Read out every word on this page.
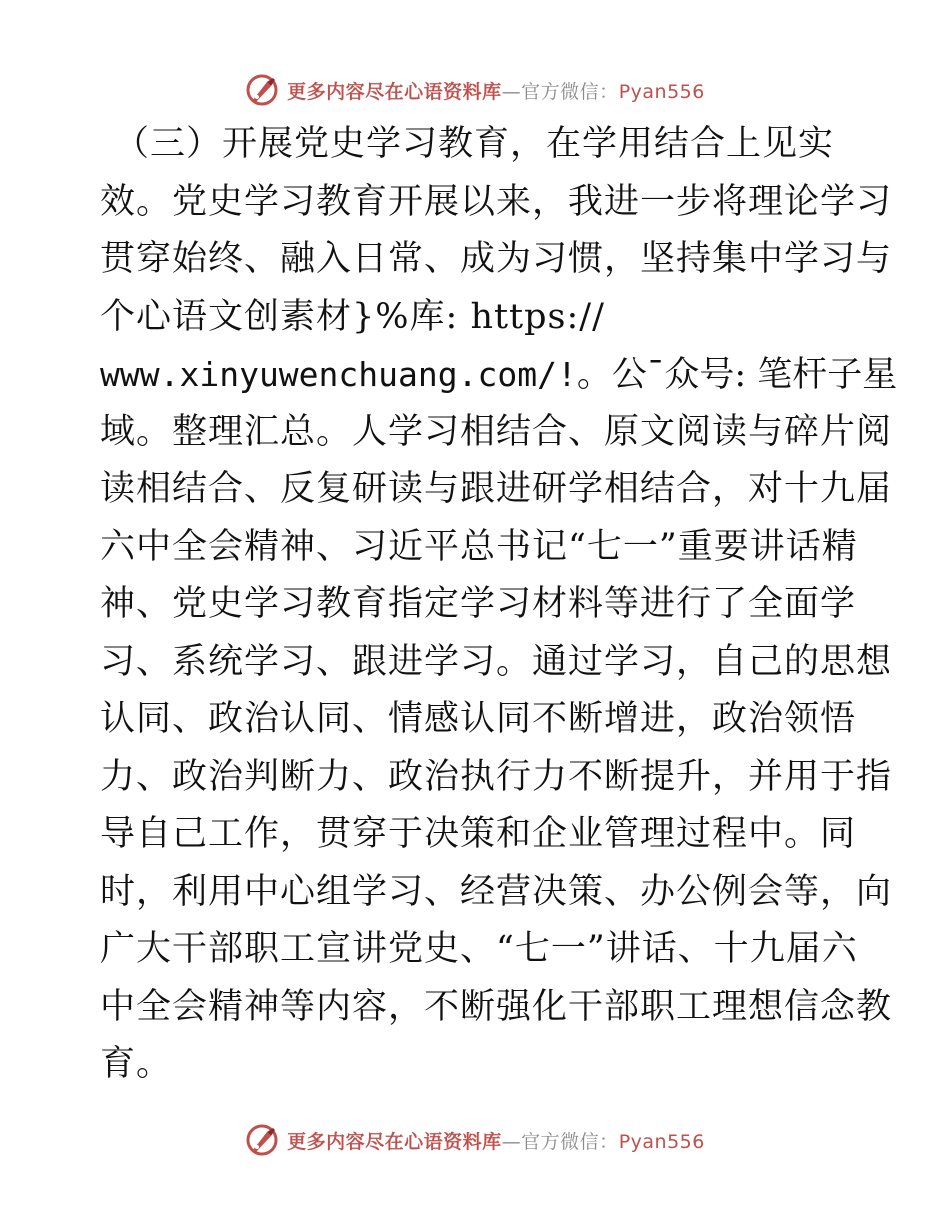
更多内容尽在心语资料库—官方微信：Pyan556
（三）开展党史学习教育，在学用结合上见实
效。党史学习教育开展以来，我进一步将理论学习
贯穿始终、融入日常、成为习惯，坚持集中学习与
个心语文创素材}%库: https://
www.xinyuwenchuang.com/!。公¯众号: 笔杆子星
域。整理汇总。人学习相结合、原文阅读与碎片阅
读相结合、反复研读与跟进研学相结合，对十九届
六中全会精神、习近平总书记“七一”重要讲话精
神、党史学习教育指定学习材料等进行了全面学
习、系统学习、跟进学习。通过学习，自己的思想
认同、政治认同、情感认同不断增进，政治领悟
力、政治判断力、政治执行力不断提升，并用于指
导自己工作，贯穿于决策和企业管理过程中。同
时，利用中心组学习、经营决策、办公例会等，向
广大干部职工宣讲党史、“七一”讲话、十九届六
中全会精神等内容，不断强化干部职工理想信念教
育。
更多内容尽在心语资料库—官方微信：Pyan556
